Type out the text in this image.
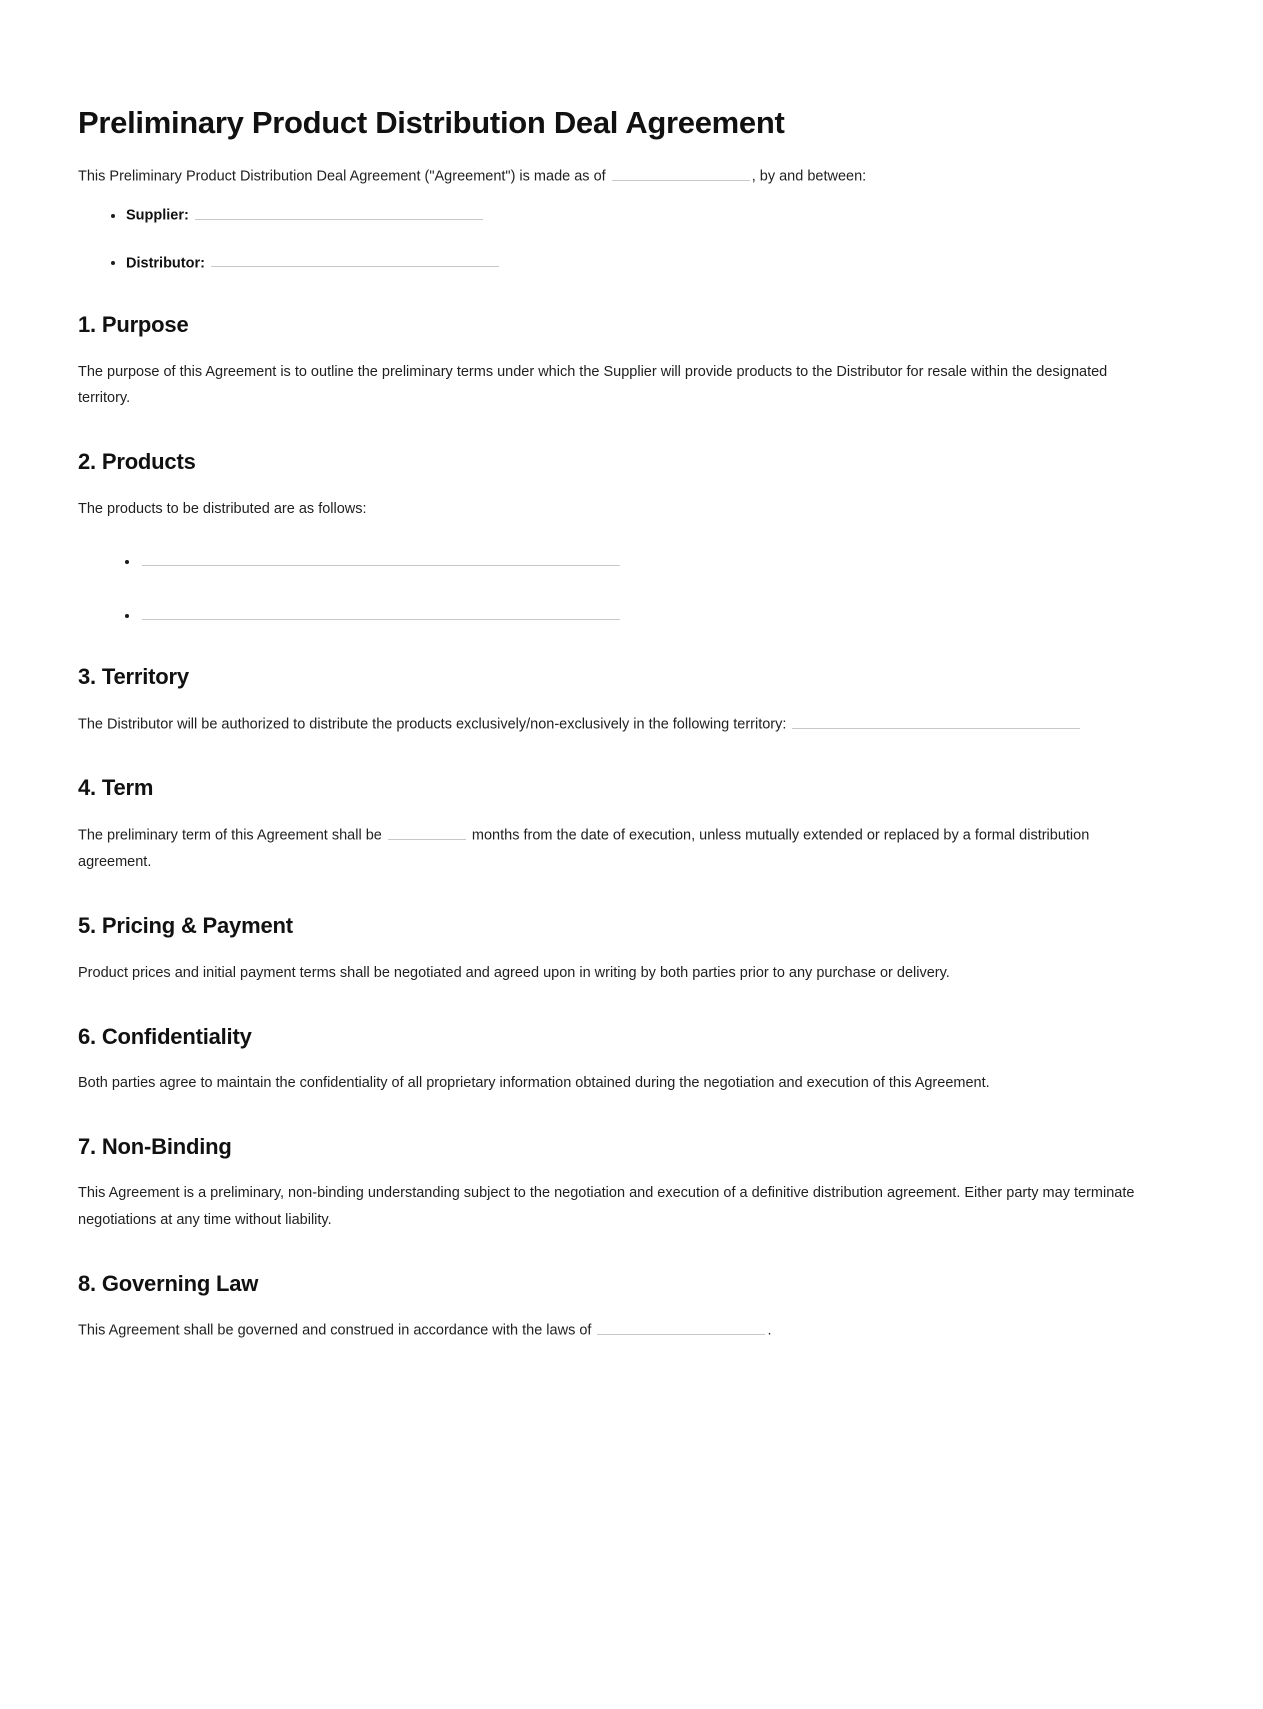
Preliminary Product Distribution Deal Agreement

This Preliminary Product Distribution Deal Agreement ("Agreement") is made as of	, by and between:

• Supplier:
• Distributor:
1. Purpose

The purpose of this Agreement is to outline the preliminary terms under which the Supplier will provide products to the Distributor for resale within the designated territory.

2. Products

The products to be distributed are as follows:

•
•
3. Territory

The Distributor will be authorized to distribute the products exclusively/non-exclusively in the following territory:

4. Term

The preliminary term of this Agreement shall be	months from the date of execution, unless mutually extended or replaced by a formal distribution agreement.

5. Pricing & Payment

Product prices and initial payment terms shall be negotiated and agreed upon in writing by both parties prior to any purchase or delivery.

6. Confidentiality

Both parties agree to maintain the confidentiality of all proprietary information obtained during the negotiation and execution of this Agreement.

7. Non-Binding

This Agreement is a preliminary, non-binding understanding subject to the negotiation and execution of a definitive distribution agreement. Either party may terminate negotiations at any time without liability.

8. Governing Law

This Agreement shall be governed and construed in accordance with the laws of	.
